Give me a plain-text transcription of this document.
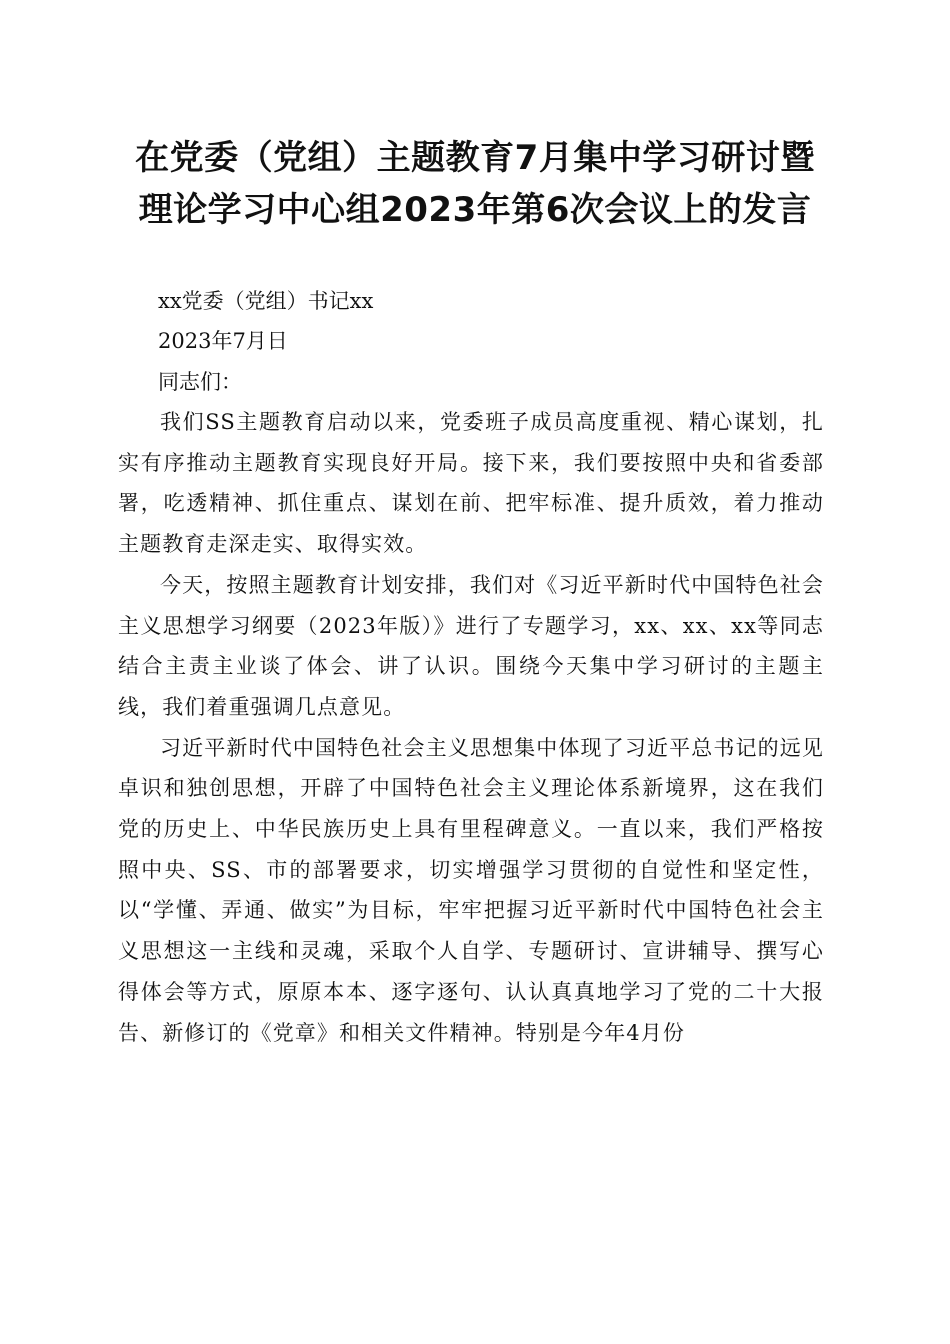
在党委（党组）主题教育7月集中学习研讨暨
理论学习中心组2023年第6次会议上的发言
xx党委（党组）书记xx
2023年7月日
同志们：

我们SS主题教育启动以来，党委班子成员高度重视、精心谋划，扎实有序推动主题教育实现良好开局。接下来，我们要按照中央和省委部署，吃透精神、抓住重点、谋划在前、把牢标准、提升质效，着力推动主题教育走深走实、取得实效。

今天，按照主题教育计划安排，我们对《习近平新时代中国特色社会主义思想学习纲要（2023年版）》进行了专题学习，xx、xx、xx等同志结合主责主业谈了体会、讲了认识。围绕今天集中学习研讨的主题主线，我们着重强调几点意见。

习近平新时代中国特色社会主义思想集中体现了习近平总书记的远见卓识和独创思想，开辟了中国特色社会主义理论体系新境界，这在我们党的历史上、中华民族历史上具有里程碑意义。一直以来，我们严格按照中央、SS、市的部署要求，切实增强学习贯彻的自觉性和坚定性，以“学懂、弄通、做实”为目标，牢牢把握习近平新时代中国特色社会主义思想这一主线和灵魂，采取个人自学、专题研讨、宣讲辅导、撰写心得体会等方式，原原本本、逐字逐句、认认真真地学习了党的二十大报告、新修订的《党章》和相关文件精神。特别是今年4月份
